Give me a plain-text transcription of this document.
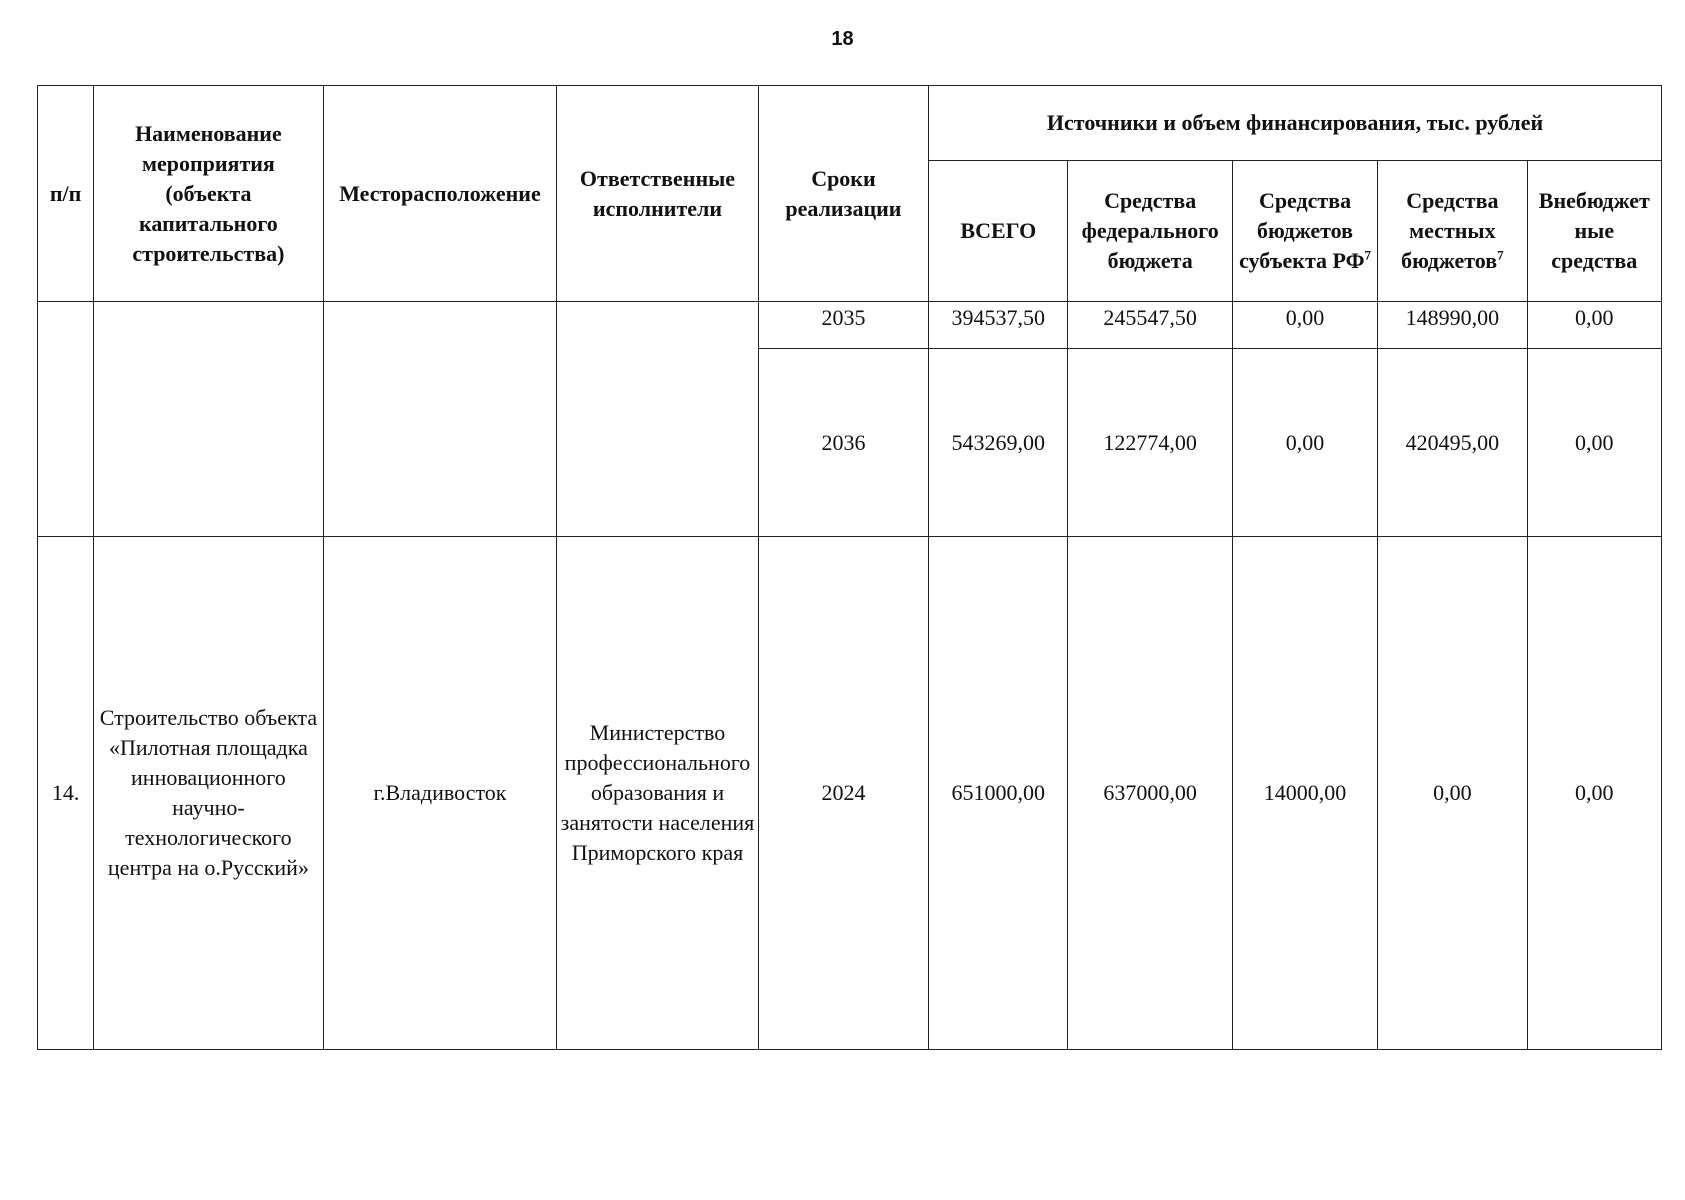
18
п/п	Наименование мероприятия (объекта капитального строительства)	Месторасположение	Ответственные исполнители	Сроки реализации	Источники и объем финансирования, тыс. рублей				
					ВСЕГО	Средства федерального бюджета	Средства бюджетов субъекта $РФ^7$	Средства местных бюджетов$^7$	Внебюджет ные средства
				2035	394537,50	245547,50	0,00	148990,00	0,00
				2036	543269,00	122774,00	0,00	420495,00	0,00
14.	Строительство объекта «Пилотная площадка инновационного научно-технологического центра на о.Русский»	г.Владивосток	Министерство профессионального образования и занятости населения Приморского края	2024	651000,00	637000,00	14000,00	0,00	0,00
